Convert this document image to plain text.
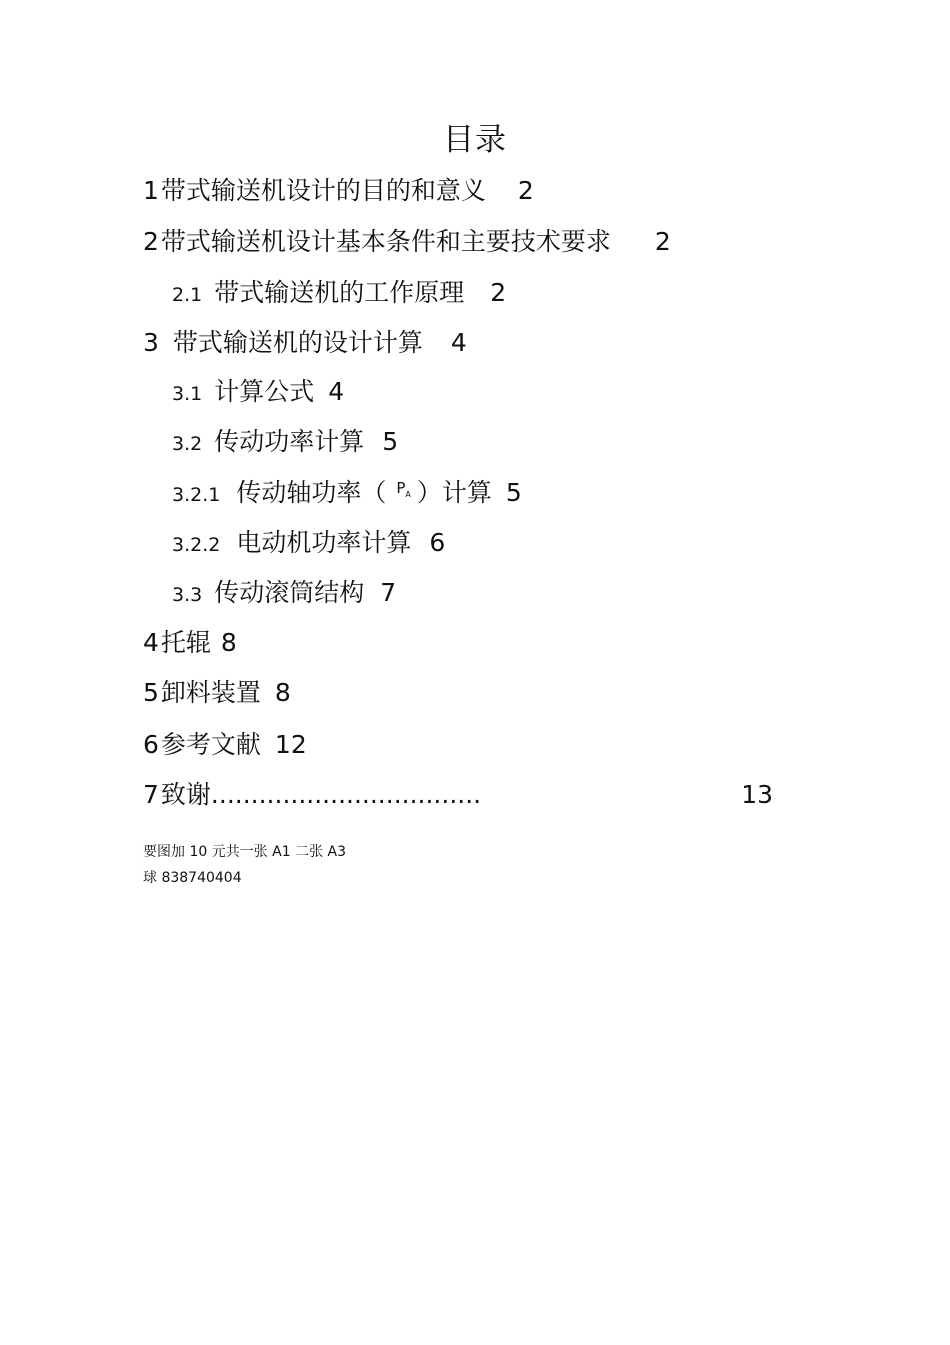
目录
1带式输送机设计的目的和意义 2
2带式输送机设计基本条件和主要技术要求 2
2.1 带式输送机的工作原理 2
3 带式输送机的设计计算 4
3.1 计算公式 4
3.2 传动功率计算 5
3.2.1 传动轴功率（ $^{P_A}$ ）计算 5
3.2.2 电动机功率计算 6
3.3 传动滚筒结构 7
4托辊 8
5卸料装置 8
6参考文献 12
7致谢..................................	13
要图加 10 元共一张 A1 二张 A3
球 838740404
